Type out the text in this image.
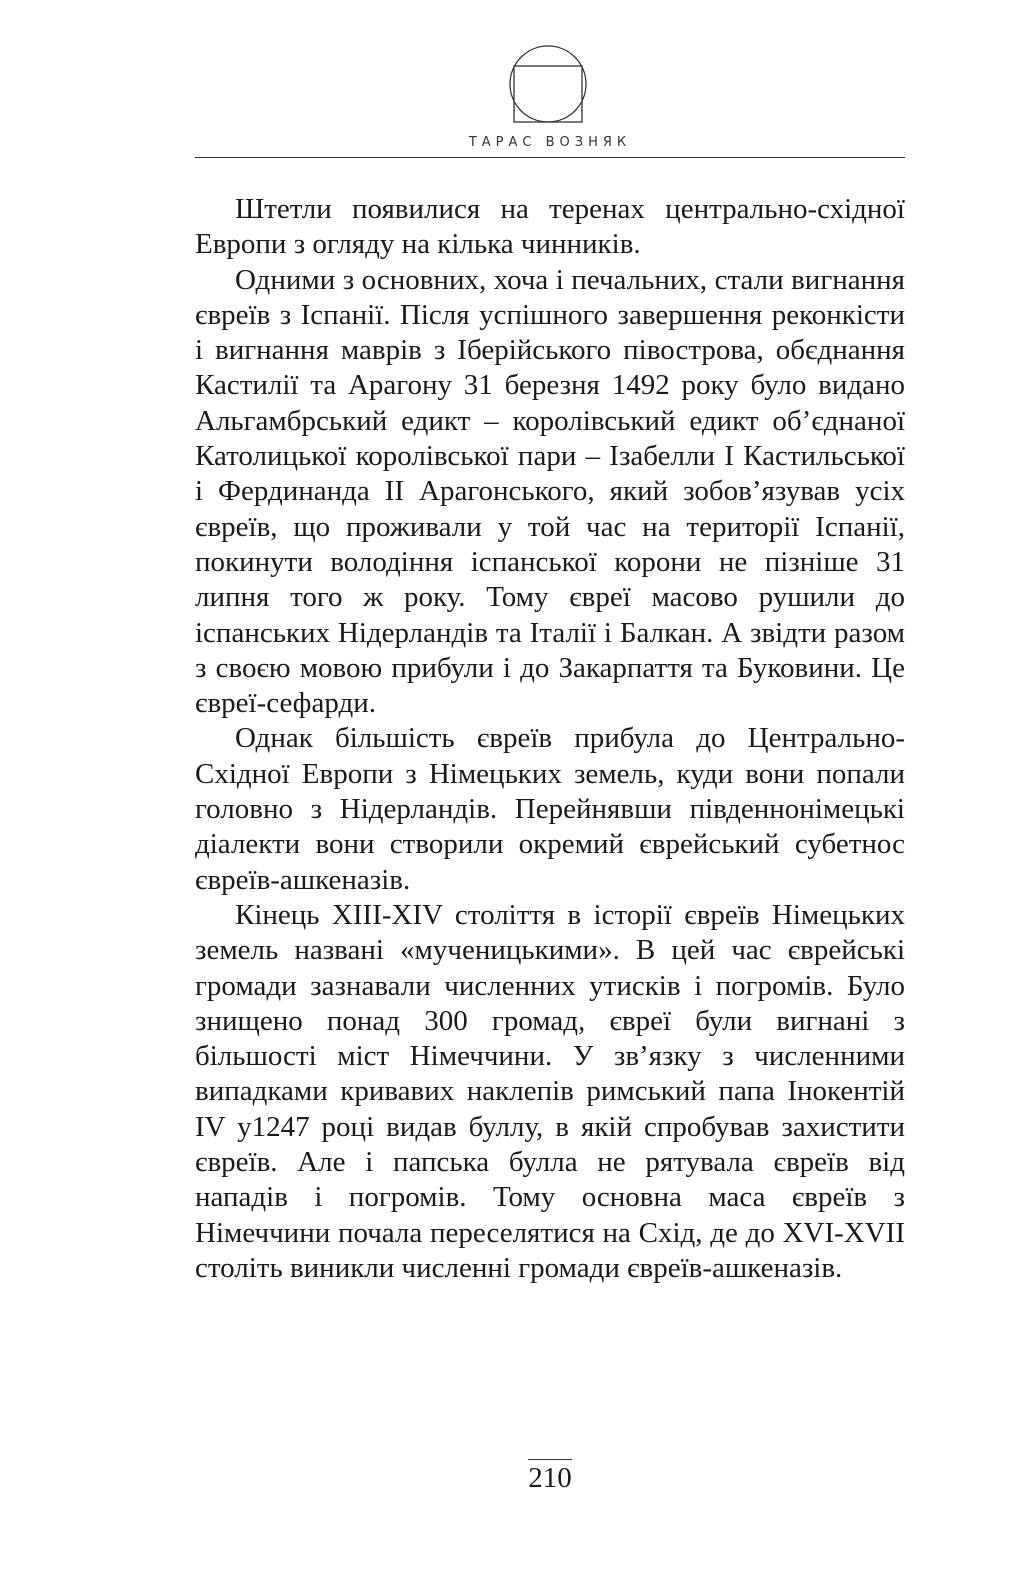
ТАРАС ВОЗНЯК

Штетли появилися на теренах центрально-східної Европи з огляду на кілька чинників.

Одними з основних, хоча і печальних, стали вигнання євреїв з Іспанії. Після успішного завершення реконкісти і вигнання маврів з Іберійського півострова, обєднання Кастилії та Арагону 31 березня 1492 року було видано Альгамбрський едикт – королівський едикт об’єднаної Католицької королівської пари – Ізабелли І Кастильської і Фердинанда ІІ Арагонського, який зобов’язував усіх євреїв, що проживали у той час на території Іспанії, покинути володіння іспанської корони не пізніше 31 липня того ж року. Тому євреї масово рушили до іспанських Нідерландів та Італії і Балкан. А звідти разом з своєю мовою прибули і до Закарпаття та Буковини. Це євреї-сефарди.

Однак більшість євреїв прибула до Центрально-Східної Европи з Німецьких земель, куди вони попали головно з Нідерландів. Перейнявши південнонімецькі діалекти вони створили окремий єврейський субетнос євреїв-ашкеназів.

Кінець ХІІІ-XIV століття в історії євреїв Німецьких земель названі «мученицькими». В цей час єврейські громади зазнавали численних утисків і погромів. Було знищено понад 300 громад, євреї були вигнані з більшості міст Німеччини. У зв’язку з численними випадками кривавих наклепів римський папа Інокентій IV у1247 році видав буллу, в якій спробував захистити євреїв. Але і папська булла не рятувала євреїв від нападів і погромів. Тому основна маса євреїв з Німеччини почала переселятися на Схід, де до XVI-XVII століть виникли численні громади євреїв-ашкеназів.

210
